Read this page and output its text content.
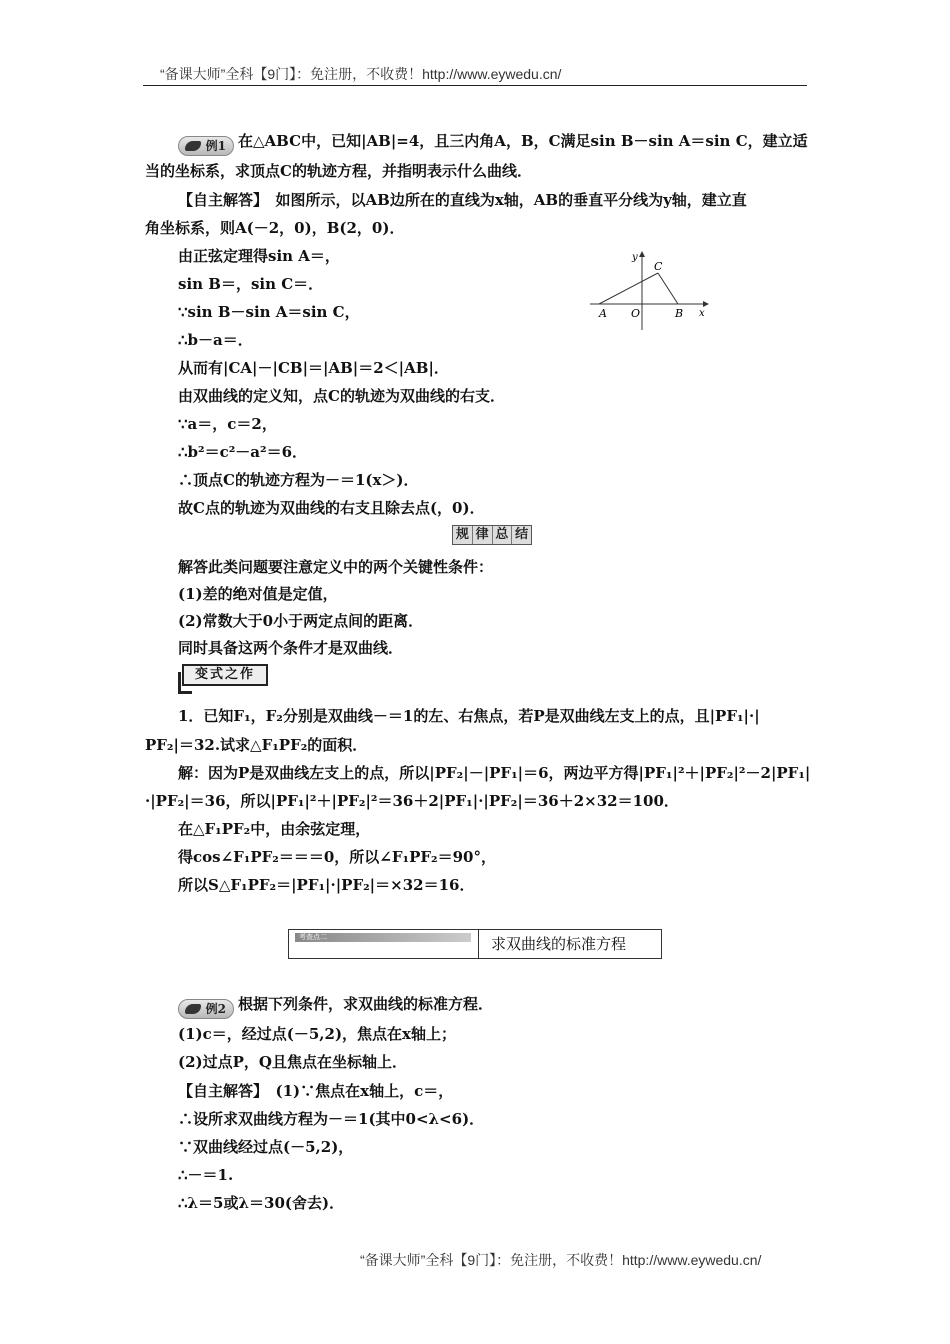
“备课大师”全科【9门】：免注册，不收费！http://www.eywedu.cn/
例1 在△ABC中，已知|AB|=4，且三内角A，B，C满足sin B－sin A＝sin C，建立适
当的坐标系，求顶点C的轨迹方程，并指明表示什么曲线．
【自主解答】　如图所示，以AB边所在的直线为x轴，AB的垂直平分线为y轴，建立直
角坐标系，则A(－2，0)，B(2，0)．
由正弦定理得sin A＝，
sin B＝，sin C＝．
∵sin B－sin A＝sin C，
∴b－a＝．
从而有|CA|－|CB|＝|AB|＝2＜|AB|．
由双曲线的定义知，点C的轨迹为双曲线的右支．
∵a＝，c＝2，
∴b²＝c²－a²＝6．
∴顶点C的轨迹方程为－＝1(x＞)．
故C点的轨迹为双曲线的右支且除去点(，0)．
y
x
A O	B
C
规 律 总 结
解答此类问题要注意定义中的两个关键性条件：
(1)差的绝对值是定值，
(2)常数大于0小于两定点间的距离．
同时具备这两个条件才是双曲线．
变式之作
1．已知F₁，F₂分别是双曲线－＝1的左、右焦点，若P是双曲线左支上的点，且|PF₁|·|
PF₂|＝32.试求△F₁PF₂的面积．
解：因为P是双曲线左支上的点，所以|PF₂|－|PF₁|＝6，两边平方得|PF₁|²＋|PF₂|²－2|PF₁|
·|PF₂|＝36，所以|PF₁|²＋|PF₂|²＝36＋2|PF₁|·|PF₂|＝36＋2×32＝100．
在△F₁PF₂中，由余弦定理，
得cos∠F₁PF₂＝＝＝0，所以∠F₁PF₂＝90°，
所以S△F₁PF₂＝|PF₁|·|PF₂|＝×32＝16．
考查点二	求双曲线的标准方程
例2 根据下列条件，求双曲线的标准方程．
(1)c＝，经过点(－5,2)，焦点在x轴上；
(2)过点P，Q且焦点在坐标轴上．
【自主解答】　(1)∵焦点在x轴上，c＝，
∴设所求双曲线方程为－＝1(其中0<λ<6)．
∵双曲线经过点(－5,2)，
∴－＝1.
∴λ＝5或λ＝30(舍去)．
“备课大师”全科【9门】：免注册，不收费！http://www.eywedu.cn/
